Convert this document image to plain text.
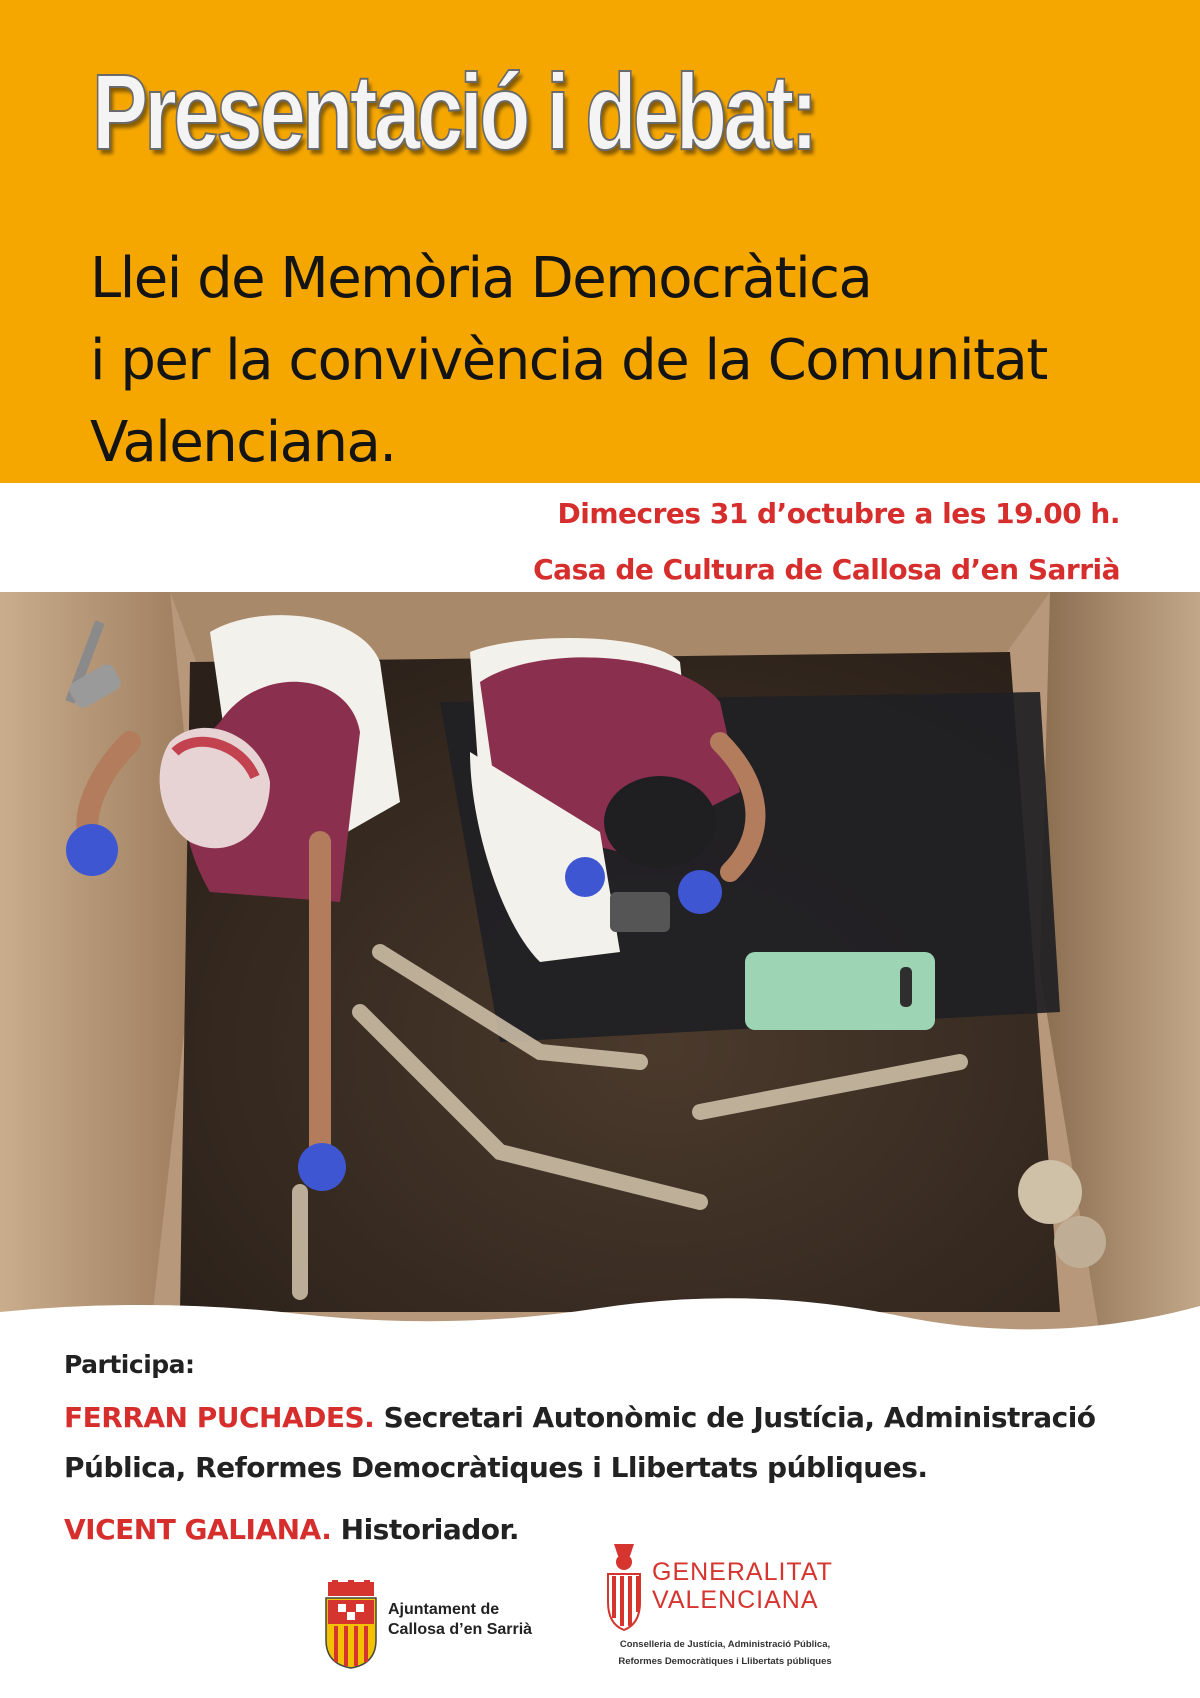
Presentació i debat:
Llei de Memòria Democràtica
i per la convivència de la Comunitat
Valenciana.
Dimecres 31 d’octubre a les 19.00 h.
Casa de Cultura de Callosa d’en Sarrià
Participa:

FERRAN PUCHADES. Secretari Autonòmic de Justícia, Administració
Pública, Reformes Democràtiques i Llibertats públiques.

VICENT GALIANA. Historiador.

Ajuntament de
Callosa d’en Sarrià
GENERALITAT
VALENCIANA
Conselleria de Justícia, Administració Pública,
Reformes Democràtiques i Llibertats públiques
